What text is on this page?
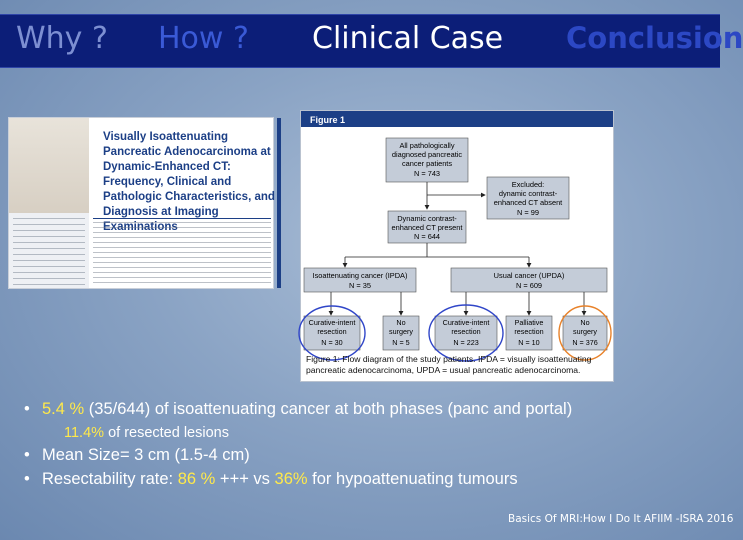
Why ? How ? Clinical Case Conclusion
Visually Isoattenuating Pancreatic Adenocarcinoma at Dynamic-Enhanced CT: Frequency, Clinical and Pathologic Characteristics, and Diagnosis at Imaging Examinations
Figure 1
All pathologically
diagnosed pancreatic
cancer patients
N = 743
Excluded:
dynamic contrast-
enhanced CT absent
N = 99
Dynamic contrast-
enhanced CT present
N = 644
Isoattenuating cancer (IPDA)
N = 35
Usual cancer (UPDA)
N = 609
Curative-intent
resection
N = 30
No
surgery
N = 5
Curative-intent
resection
N = 223
Palliative
resection
N = 10
No
surgery
N = 376
Figure 1: Flow diagram of the study patients. IPDA = visually isoattenuating pancreatic adenocarcinoma, UPDA = usual pancreatic adenocarcinoma.
• 5.4 % (35/644) of isoattenuating cancer at both phases (panc and portal)
11.4% of resected lesions
• Mean Size= 3 cm (1.5-4 cm)
• Resectability rate: 86 % +++ vs 36% for hypoattenuating tumours
Basics Of MRI:How I Do It AFIIM -ISRA 2016
